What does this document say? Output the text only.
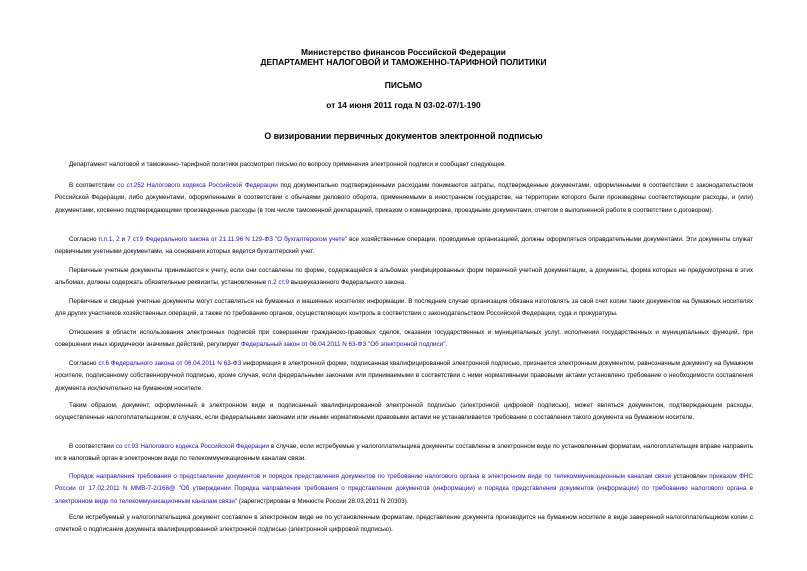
Министерство финансов Российской Федерации
ДЕПАРТАМЕНТ НАЛОГОВОЙ И ТАМОЖЕННО-ТАРИФНОЙ ПОЛИТИКИ
ПИСЬМО
от 14 июня 2011 года N 03-02-07/1-190
О визировании первичных документов электронной подписью
Департамент налоговой и таможенно-тарифной политики рассмотрел письмо по вопросу применения электронной подписи и сообщает следующее.
В соответствии со ст.252 Налогового кодекса Российской Федерации под документально подтвержденными расходами понимаются затраты, подтвержденные документами, оформленными в соответствии с законодательством Российской Федерации, либо документами, оформленными в соответствии с обычаями делового оборота, применяемыми в иностранном государстве, на территории которого были произведены соответствующие расходы, и (или) документами, косвенно подтверждающими произведенные расходы (в том числе таможенной декларацией, приказом о командировке, проездными документами, отчетом о выполненной работе в соответствии с договором).
Согласно п.п.1, 2 и 7 ст.9 Федерального закона от 21.11.96 N 129-ФЗ "О бухгалтерском учете" все хозяйственные операции, проводимые организацией, должны оформляться оправдательными документами. Эти документы служат первичными учетными документами, на основании которых ведется бухгалтерский учет.
Первичные учетные документы принимаются к учету, если они составлены по форме, содержащейся в альбомах унифицированных форм первичной учетной документации, а документы, форма которых не предусмотрена в этих альбомах, должны содержать обязательные реквизиты, установленные п.2 ст.9 вышеуказанного Федерального закона.
Первичные и сводные учетные документы могут составляться на бумажных и машинных носителях информации. В последнем случае организация обязана изготовлять за свой счет копии таких документов на бумажных носителях для других участников хозяйственных операций, а также по требованию органов, осуществляющих контроль в соответствии с законодательством Российской Федерации, суда и прокуратуры.
Отношения в области использования электронных подписей при совершении гражданско-правовых сделок, оказании государственных и муниципальных услуг, исполнении государственных и муниципальных функций, при совершении иных юридически значимых действий, регулирует Федеральный закон от 06.04.2011 N 63-ФЗ "Об электронной подписи".
Согласно ст.6 Федерального закона от 06.04.2011 N 63-ФЗ информация в электронной форме, подписанная квалифицированной электронной подписью, признается электронным документом, равнозначным документу на бумажном носителе, подписанному собственноручной подписью, кроме случая, если федеральными законами или принимаемыми в соответствии с ними нормативными правовыми актами установлено требование о необходимости составления документа исключительно на бумажном носителе.
Таким образом, документ, оформленный в электронном виде и подписанный квалифицированной электронной подписью (электронной цифровой подписью), может являться документом, подтверждающим расходы, осуществленные налогоплательщиком, в случаях, если федеральными законами или иными нормативными правовыми актами не устанавливается требование о составлении такого документа на бумажном носителе.
В соответствии со ст.93 Налогового кодекса Российской Федерации в случае, если истребуемые у налогоплательщика документы составлены в электронном виде по установленным форматам, налогоплательщик вправе направить их в налоговый орган в электронном виде по телекоммуникационным каналам связи.
Порядок направления требования о представлении документов и порядок представления документов по требованию налогового органа в электронном виде по телекоммуникационным каналам связи установлен приказом ФНС России от 17.02.2011 N ММВ-7-2/168@ "Об утверждении Порядка направления требования о представлении документов (информации) и порядка представления документов (информации) по требованию налогового органа в электронном виде по телекоммуникационным каналам связи" (зарегистрирован в Минюсте России 28.03.2011 N 20303).
Если истребуемый у налогоплательщика документ составлен в электронном виде не по установленным форматам, представление документа производится на бумажном носителе в виде заверенной налогоплательщиком копии с отметкой о подписании документа квалифицированной электронной подписью (электронной цифровой подписью).
